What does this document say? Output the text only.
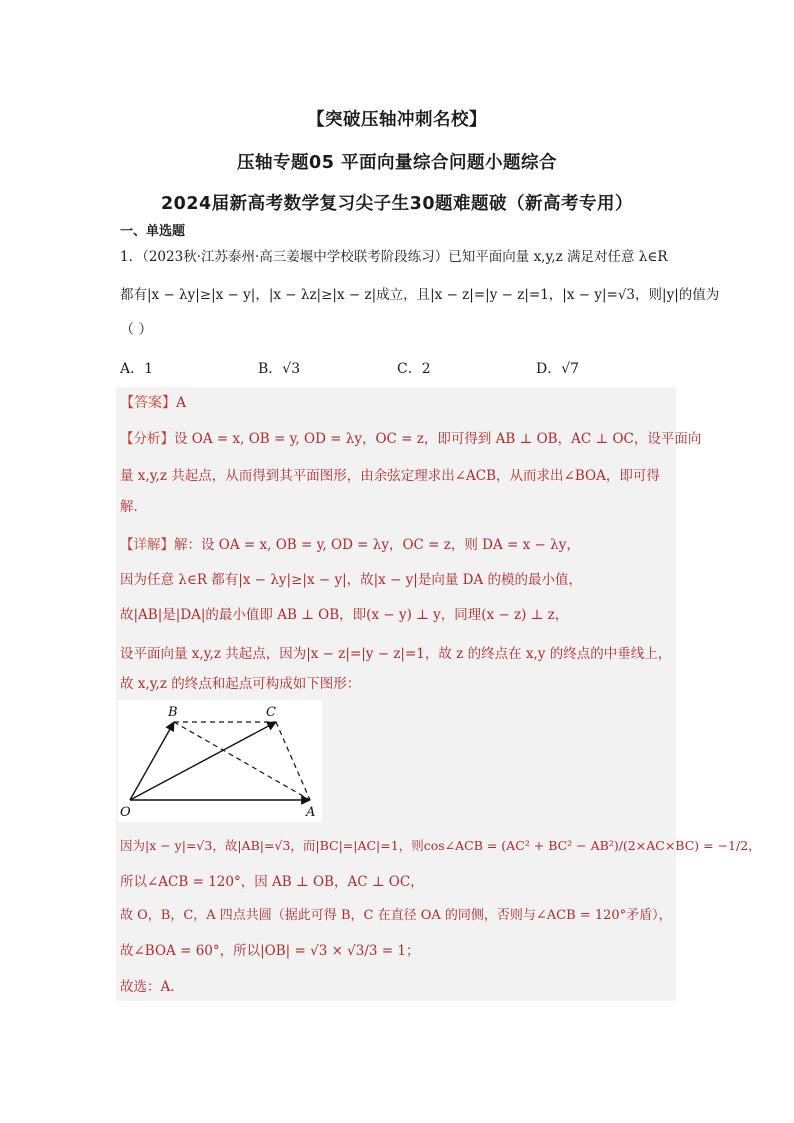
【突破压轴冲刺名校】
压轴专题05 平面向量综合问题小题综合
2024届新高考数学复习尖子生30题难题破（新高考专用）
一、单选题
1．（2023秋·江苏泰州·高三姜堰中学校联考阶段练习）已知平面向量 x,y,z 满足对任意 λ∈R
都有|x − λy|≥|x − y|，|x − λz|≥|x − z|成立，且|x − z|=|y − z|=1，|x − y|=√3，则|y|的值为
（ ）
A．1	B．√3	C．2	D．√7
【答案】A
【分析】设 OA = x, OB = y, OD = λy，OC = z，即可得到 AB ⊥ OB，AC ⊥ OC，设平面向
量 x,y,z 共起点，从而得到其平面图形，由余弦定理求出∠ACB，从而求出∠BOA，即可得
解.
【详解】解：设 OA = x, OB = y, OD = λy，OC = z，则 DA = x − λy，
因为任意 λ∈R 都有|x − λy|≥|x − y|，故|x − y|是向量 DA 的模的最小值，
故|AB|是|DA|的最小值即 AB ⊥ OB，即(x − y) ⊥ y，同理(x − z) ⊥ z，
设平面向量 x,y,z 共起点，因为|x − z|=|y − z|=1，故 z 的终点在 x,y 的终点的中垂线上，
故 x,y,z 的终点和起点可构成如下图形：
B	C
O	A
因为|x − y|=√3，故|AB|=√3，而|BC|=|AC|=1，则cos∠ACB = (AC² + BC² − AB²)/(2×AC×BC) = −1/2，
所以∠ACB = 120°，因 AB ⊥ OB，AC ⊥ OC，
故 O，B，C，A 四点共圆（据此可得 B，C 在直径 OA 的同侧，否则与∠ACB = 120°矛盾），
故∠BOA = 60°，所以|OB| = √3 × √3/3 = 1；
故选：A.
